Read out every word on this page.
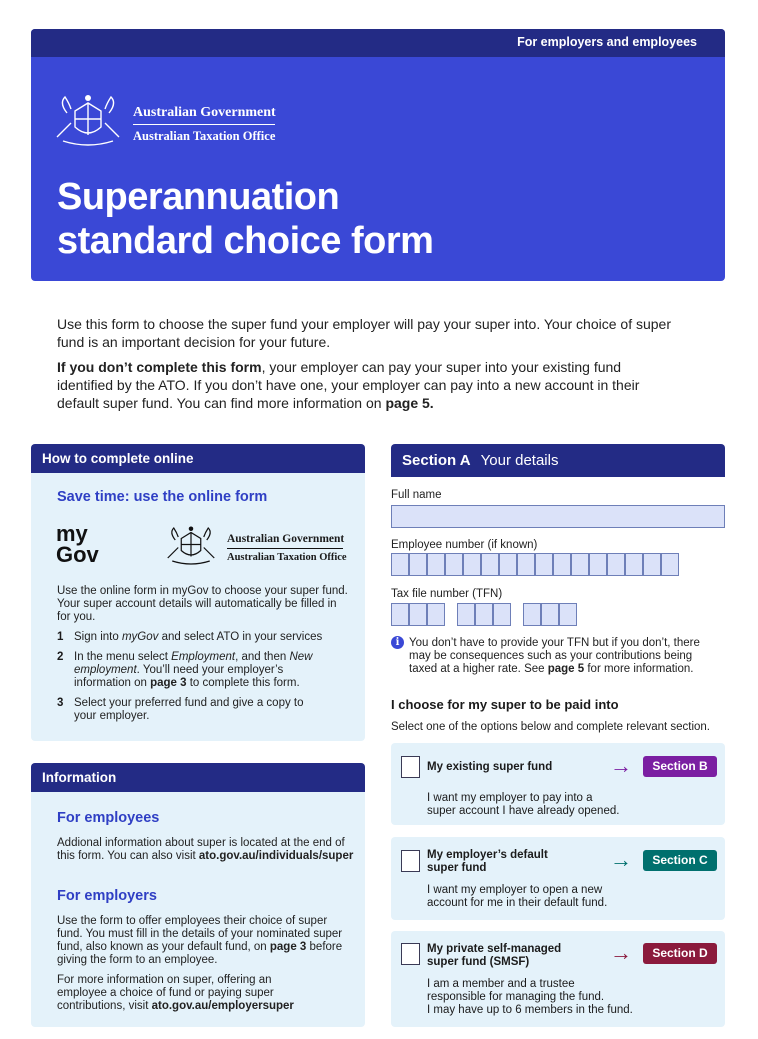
For employers and employees
Australian Government
Australian Taxation Office
Superannuation
standard choice form
Use this form to choose the super fund your employer will pay your super into. Your choice of super fund is an important decision for your future.
If you don’t complete this form, your employer can pay your super into your existing fund identified by the ATO. If you don’t have one, your employer can pay into a new account in their default super fund. You can find more information on page 5.
How to complete online
Save time: use the online form
my
Gov
Australian Government
Australian Taxation Office
Use the online form in myGov to choose your super fund. Your super account details will automatically be filled in for you.
1 Sign into myGov and select ATO in your services
2 In the menu select Employment, and then New employment. You’ll need your employer’s information on page 3 to complete this form.
3 Select your preferred fund and give a copy to your employer.
Information
For employees
Addional information about super is located at the end of this form. You can also visit ato.gov.au/individuals/super
For employers
Use the form to offer employees their choice of super fund. You must fill in the details of your nominated super fund, also known as your default fund, on page 3 before giving the form to an employee.
For more information on super, offering an employee a choice of fund or paying super contributions, visit ato.gov.au/employersuper
Section A Your details
Full name
Employee number (if known)
Tax file number (TFN)
i You don’t have to provide your TFN but if you don’t, there may be consequences such as your contributions being taxed at a higher rate. See page 5 for more information.
I choose for my super to be paid into
Select one of the options below and complete relevant section.
My existing super fund	→	Section B
I want my employer to pay into a
super account I have already opened.
My employer’s default
super fund	→	Section C
I want my employer to open a new
account for me in their default fund.
My private self-managed
super fund (SMSF)	→	Section D
I am a member and a trustee
responsible for managing the fund.
I may have up to 6 members in the fund.
